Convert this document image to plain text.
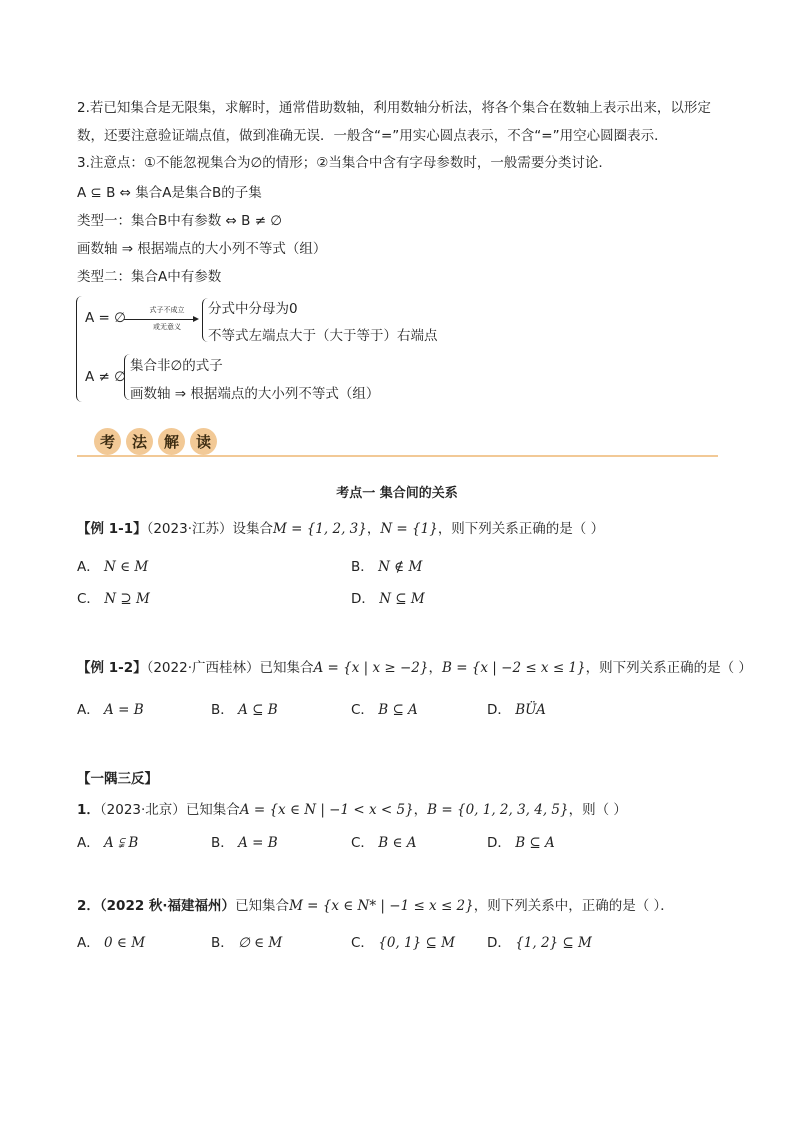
2.若已知集合是无限集，求解时，通常借助数轴，利用数轴分析法，将各个集合在数轴上表示出来，以形定
数，还要注意验证端点值，做到准确无误．一般含“=”用实心圆点表示，不含“=”用空心圆圈表示．
3.注意点：①不能忽视集合为∅的情形；②当集合中含有字母参数时，一般需要分类讨论.
A ⊆ B ⇔ 集合A是集合B的子集
类型一：集合B中有参数 ⇔ B ≠ ∅
画数轴 ⇒ 根据端点的大小列不等式（组）
类型二：集合A中有参数
A = ∅	式子不成立
或无意义
分式中分母为0
不等式左端点大于（大于等于）右端点
A ≠ ∅
集合非∅的式子
画数轴 ⇒ 根据端点的大小列不等式（组）
考	法	解	读
考点一 集合间的关系
【例 1-1】（2023·江苏）设集合M = {1, 2, 3}，N = {1}，则下列关系正确的是（ ）
A． N ∈ M	B． N ∉ M
C． N ⊇ M	D． N ⊆ M
【例 1-2】（2022·广西桂林）已知集合A = {x | x ≥ −2}，B = {x | −2 ≤ x ≤ 1}，则下列关系正确的是（ ）
A． A = B	B． A ⊆ B	C． B ⊆ A	D． BÜA
【一隅三反】
1．（2023·北京）已知集合A = {x ∈ N | −1 < x < 5}，B = {0, 1, 2, 3, 4, 5}，则（ ）
A． A ⫋ B	B． A = B	C． B ∈ A	D． B ⊆ A
2．（2022 秋·福建福州）已知集合M = {x ∈ N* | −1 ≤ x ≤ 2}，则下列关系中，正确的是（ ）．
A． 0 ∈ M	B． ∅ ∈ M	C． {0, 1} ⊆ M D． {1, 2} ⊆ M
